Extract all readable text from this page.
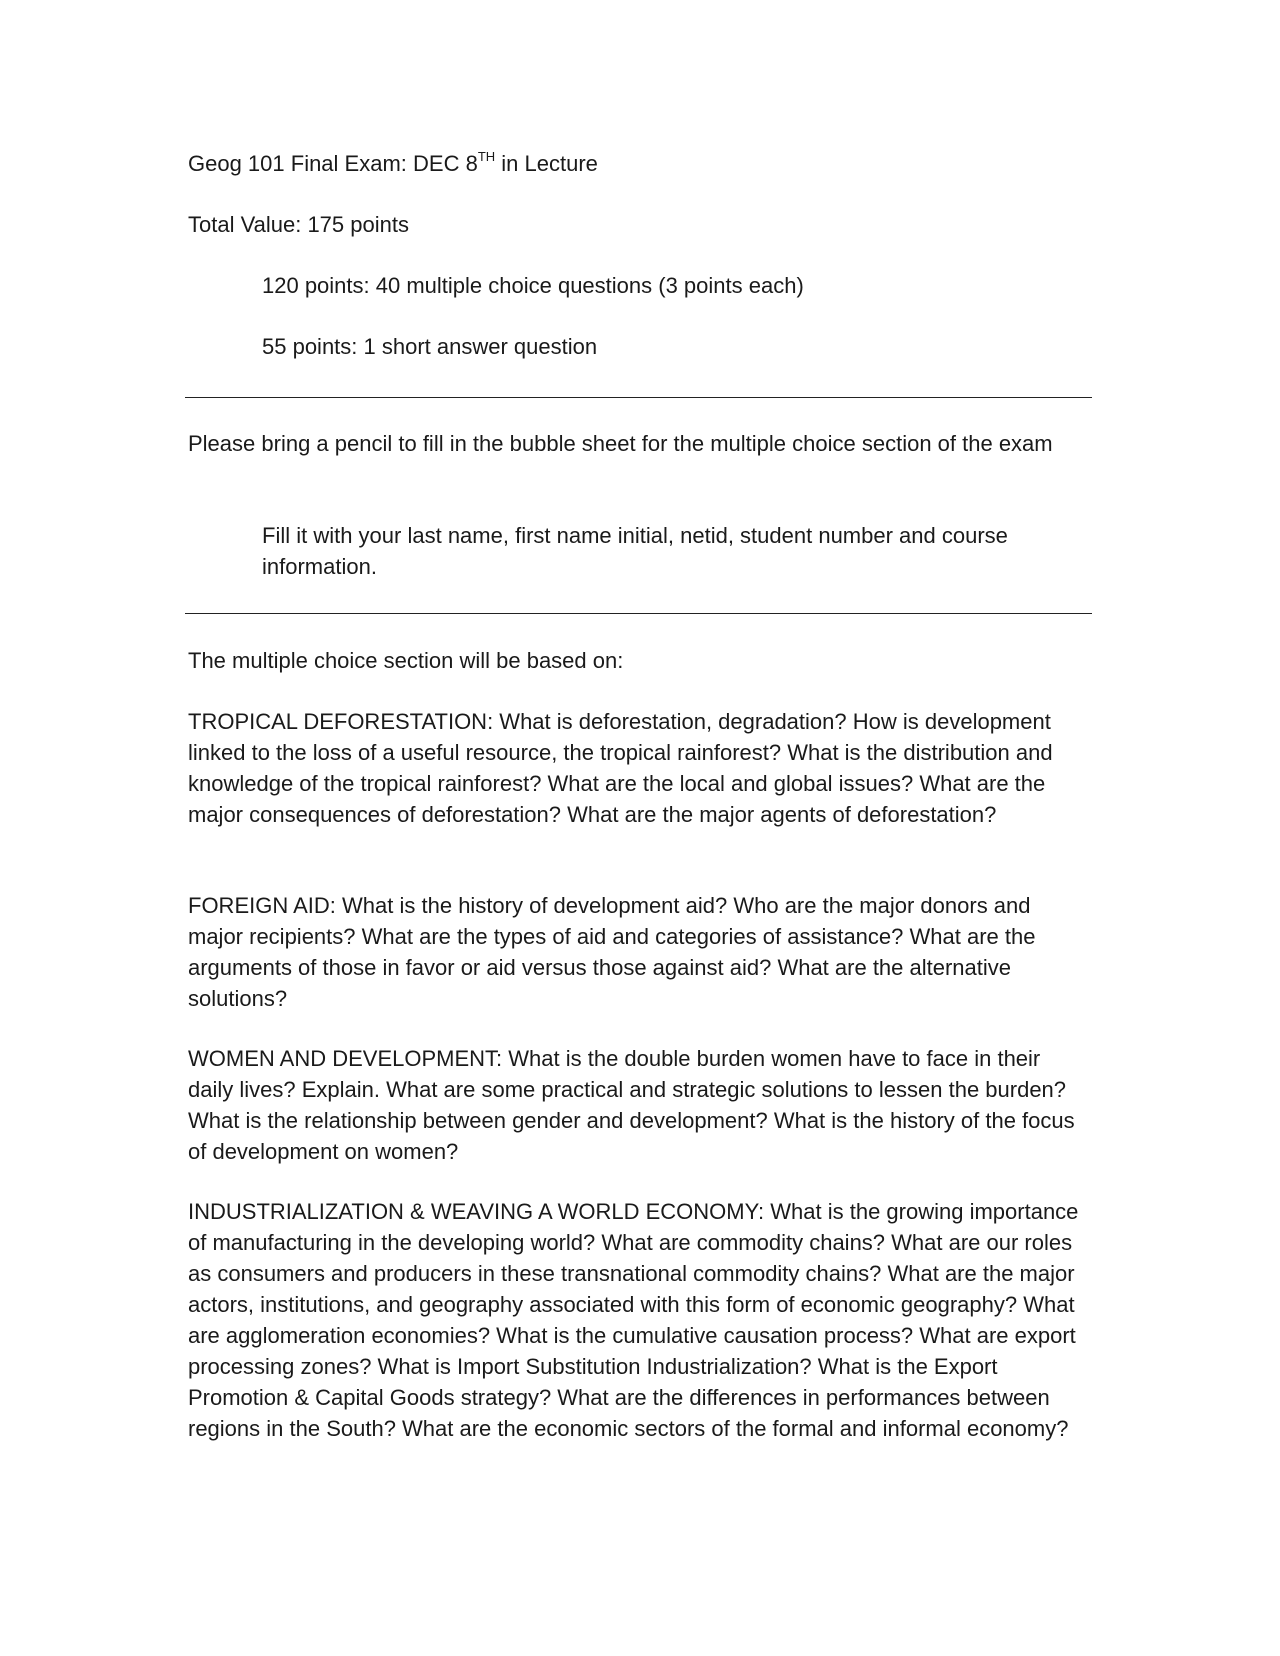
Geog 101 Final Exam: DEC 8TH in Lecture

Total Value: 175 points

120 points: 40 multiple choice questions (3 points each)

55 points: 1 short answer question

Please bring a pencil to fill in the bubble sheet for the multiple choice section of the exam

Fill it with your last name, first name initial, netid, student number and course information.

The multiple choice section will be based on:

TROPICAL DEFORESTATION: What is deforestation, degradation? How is development linked to the loss of a useful resource, the tropical rainforest? What is the distribution and knowledge of the tropical rainforest? What are the local and global issues? What are the major consequences of deforestation? What are the major agents of deforestation?

FOREIGN AID: What is the history of development aid? Who are the major donors and major recipients? What are the types of aid and categories of assistance? What are the arguments of those in favor or aid versus those against aid? What are the alternative solutions?

WOMEN AND DEVELOPMENT: What is the double burden women have to face in their daily lives? Explain. What are some practical and strategic solutions to lessen the burden? What is the relationship between gender and development? What is the history of the focus of development on women?

INDUSTRIALIZATION & WEAVING A WORLD ECONOMY: What is the growing importance of manufacturing in the developing world? What are commodity chains? What are our roles as consumers and producers in these transnational commodity chains? What are the major actors, institutions, and geography associated with this form of economic geography? What are agglomeration economies? What is the cumulative causation process? What are export processing zones? What is Import Substitution Industrialization? What is the Export Promotion & Capital Goods strategy? What are the differences in performances between regions in the South? What are the economic sectors of the formal and informal economy?
